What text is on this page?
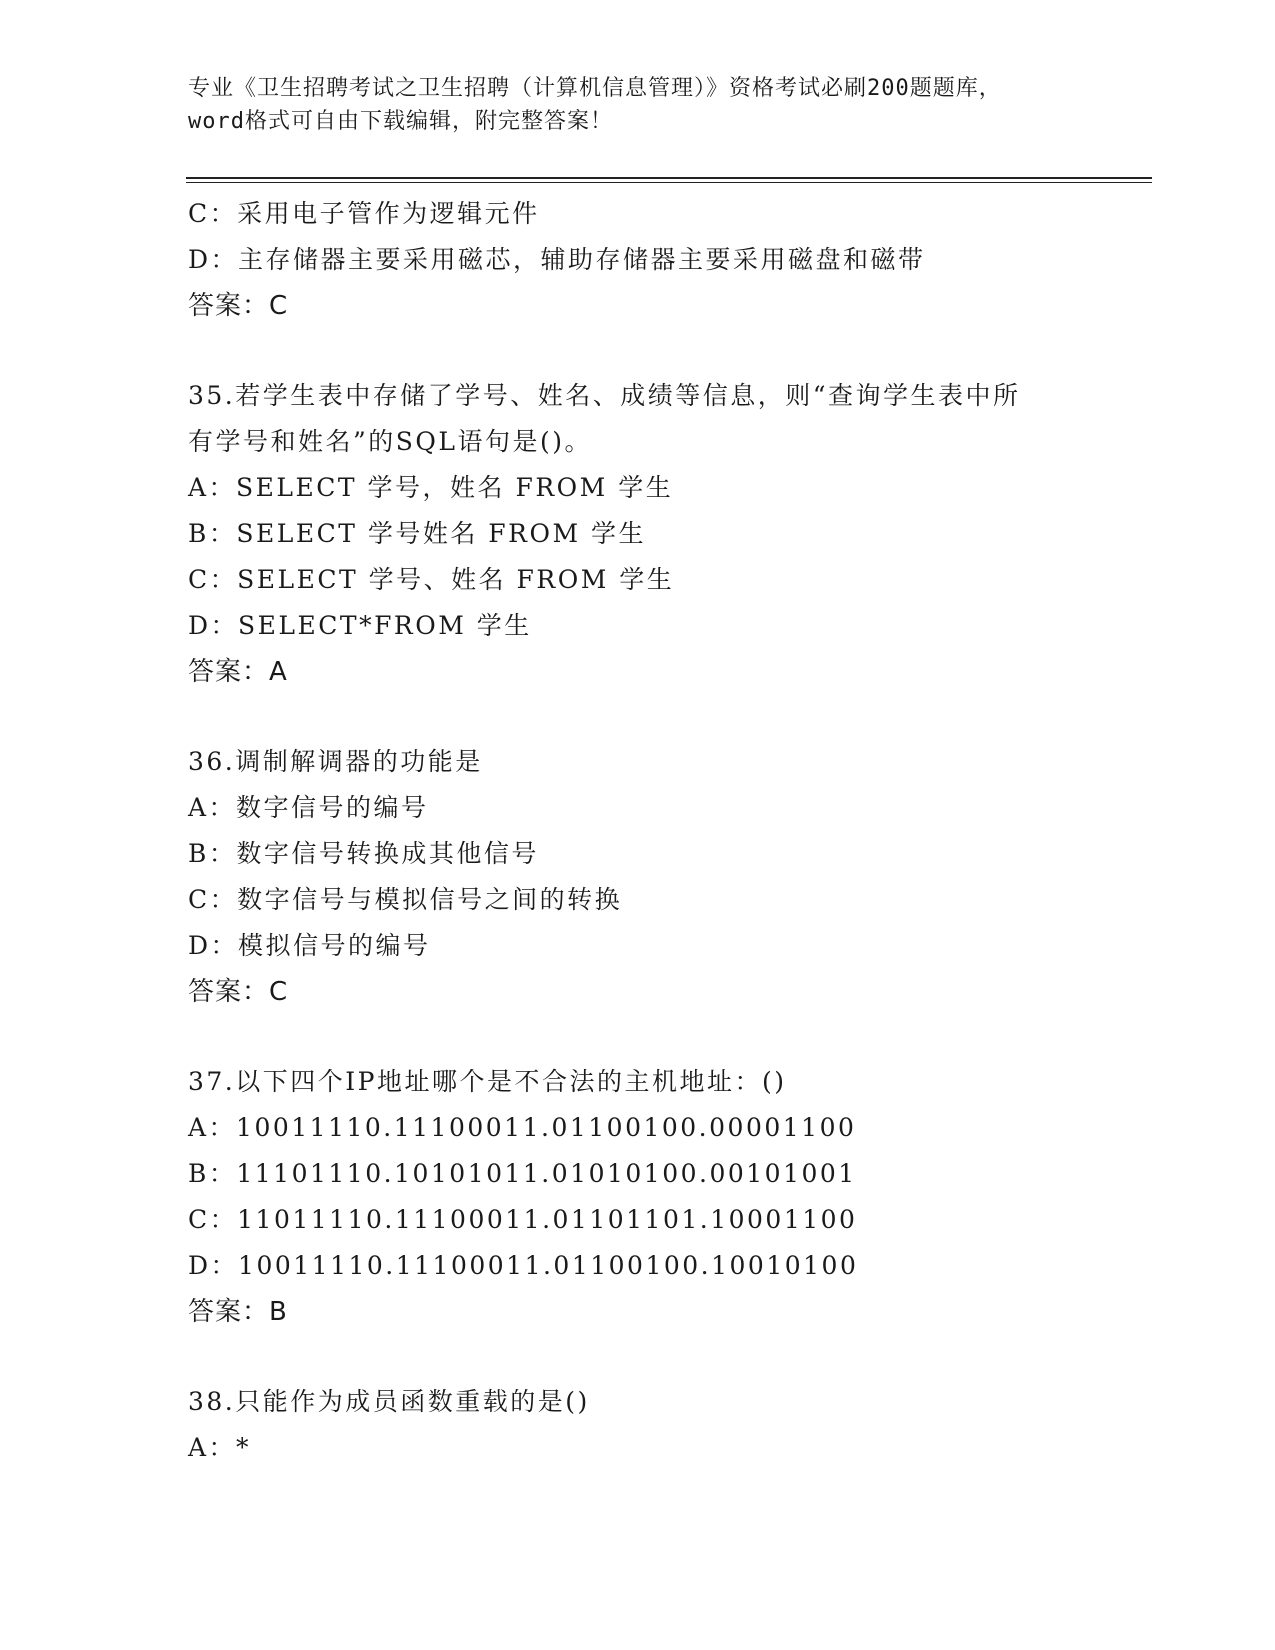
专业《卫生招聘考试之卫生招聘（计算机信息管理）》资格考试必刷200题题库，
word格式可自由下载编辑，附完整答案！
C：采用电子管作为逻辑元件
D：主存储器主要采用磁芯，辅助存储器主要采用磁盘和磁带
答案：C
35.若学生表中存储了学号、姓名、成绩等信息，则“查询学生表中所
有学号和姓名”的SQL语句是()。
A：SELECT 学号，姓名 FROM 学生
B：SELECT 学号姓名 FROM 学生
C：SELECT 学号、姓名 FROM 学生
D：SELECT*FROM 学生
答案：A
36.调制解调器的功能是
A：数字信号的编号
B：数字信号转换成其他信号
C：数字信号与模拟信号之间的转换
D：模拟信号的编号
答案：C
37.以下四个IP地址哪个是不合法的主机地址：()
A：10011110.11100011.01100100.00001100
B：11101110.10101011.01010100.00101001
C：11011110.11100011.01101101.10001100
D：10011110.11100011.01100100.10010100
答案：B
38.只能作为成员函数重载的是()
A：*
